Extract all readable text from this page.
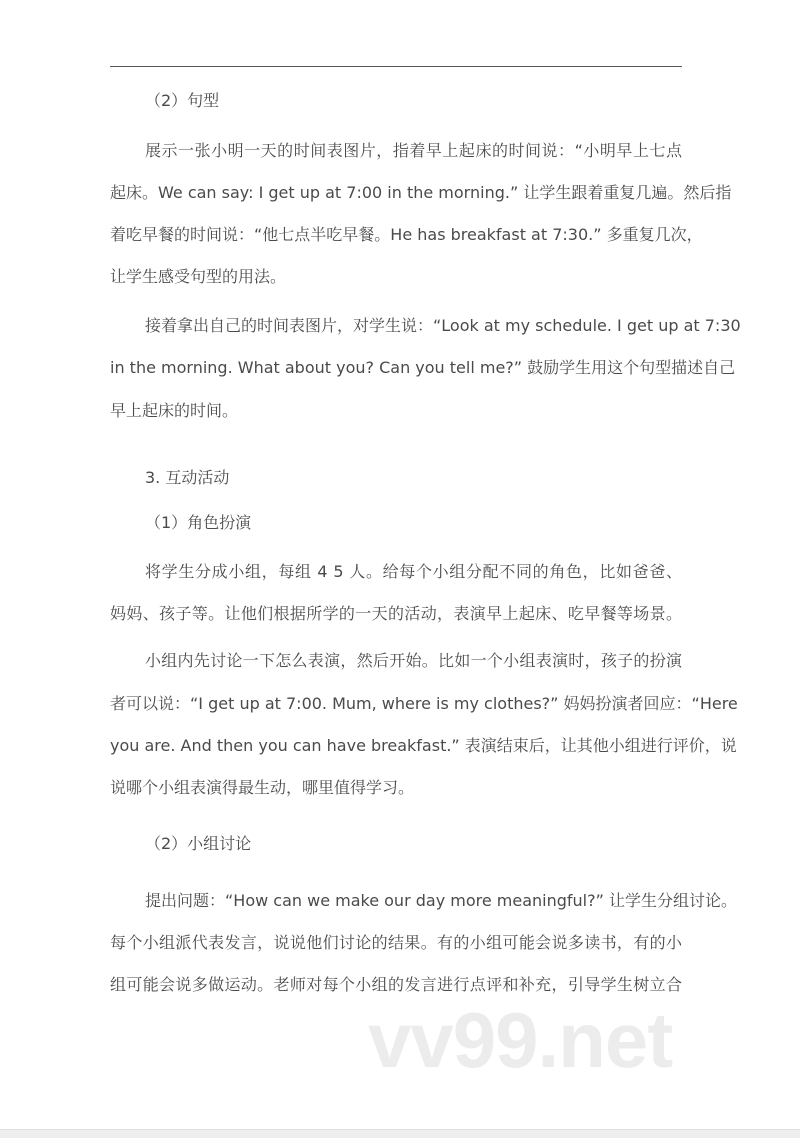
（2）句型
展示一张小明一天的时间表图片，指着早上起床的时间说：“小明早上七点
起床。We can say: I get up at 7:00 in the morning.” 让学生跟着重复几遍。然后指
着吃早餐的时间说：“他七点半吃早餐。He has breakfast at 7:30.” 多重复几次，
让学生感受句型的用法。
接着拿出自己的时间表图片，对学生说：“Look at my schedule. I get up at 7:30
in the morning. What about you? Can you tell me?” 鼓励学生用这个句型描述自己
早上起床的时间。
3. 互动活动
（1）角色扮演
将学生分成小组，每组 4 5 人。给每个小组分配不同的角色，比如爸爸、
妈妈、孩子等。让他们根据所学的一天的活动，表演早上起床、吃早餐等场景。
小组内先讨论一下怎么表演，然后开始。比如一个小组表演时，孩子的扮演
者可以说：“I get up at 7:00. Mum, where is my clothes?” 妈妈扮演者回应：“Here
you are. And then you can have breakfast.” 表演结束后，让其他小组进行评价，说
说哪个小组表演得最生动，哪里值得学习。
（2）小组讨论
提出问题：“How can we make our day more meaningful?” 让学生分组讨论。
每个小组派代表发言，说说他们讨论的结果。有的小组可能会说多读书，有的小
组可能会说多做运动。老师对每个小组的发言进行点评和补充，引导学生树立合
vv99.net
